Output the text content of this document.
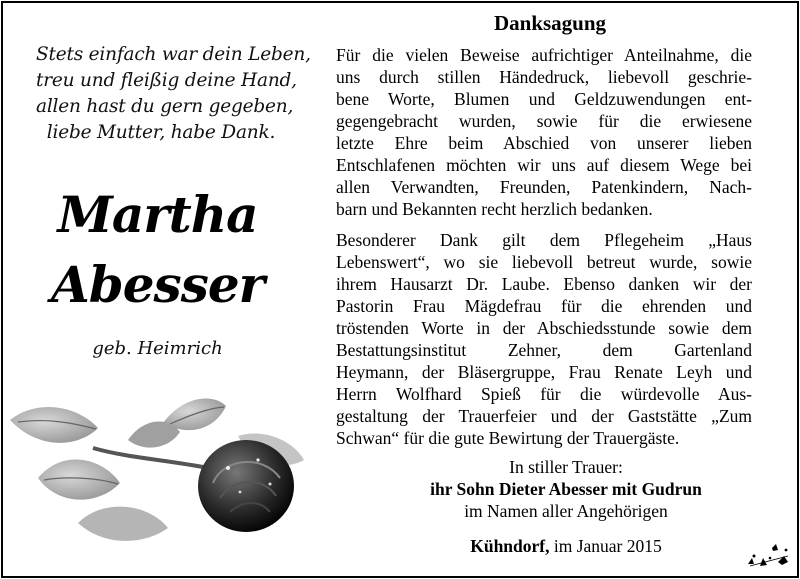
Stets einfach war dein Leben,
treu und fleißig deine Hand,
allen hast du gern gegeben,
liebe Mutter, habe Dank.
Martha
Abesser
geb. Heimrich
Danksagung
Für die vielen Beweise aufrichtiger Anteilnahme, die
uns durch stillen Händedruck, liebevoll geschrie-
bene Worte, Blumen und Geldzuwendungen ent-
gegengebracht wurden, sowie für die erwiesene
letzte Ehre beim Abschied von unserer lieben
Entschlafenen möchten wir uns auf diesem Wege bei
allen Verwandten, Freunden, Patenkindern, Nach-
barn und Bekannten recht herzlich bedanken.
Besonderer Dank gilt dem Pflegeheim „Haus
Lebenswert“, wo sie liebevoll betreut wurde, sowie
ihrem Hausarzt Dr. Laube. Ebenso danken wir der
Pastorin Frau Mägdefrau für die ehrenden und
tröstenden Worte in der Abschiedsstunde sowie dem
Bestattungsinstitut Zehner, dem Gartenland
Heymann, der Bläsergruppe, Frau Renate Leyh und
Herrn Wolfhard Spieß für die würdevolle Aus-
gestaltung der Trauerfeier und der Gaststätte „Zum
Schwan“ für die gute Bewirtung der Trauergäste.
In stiller Trauer:
ihr Sohn Dieter Abesser mit Gudrun
im Namen aller Angehörigen
Kühndorf, im Januar 2015
